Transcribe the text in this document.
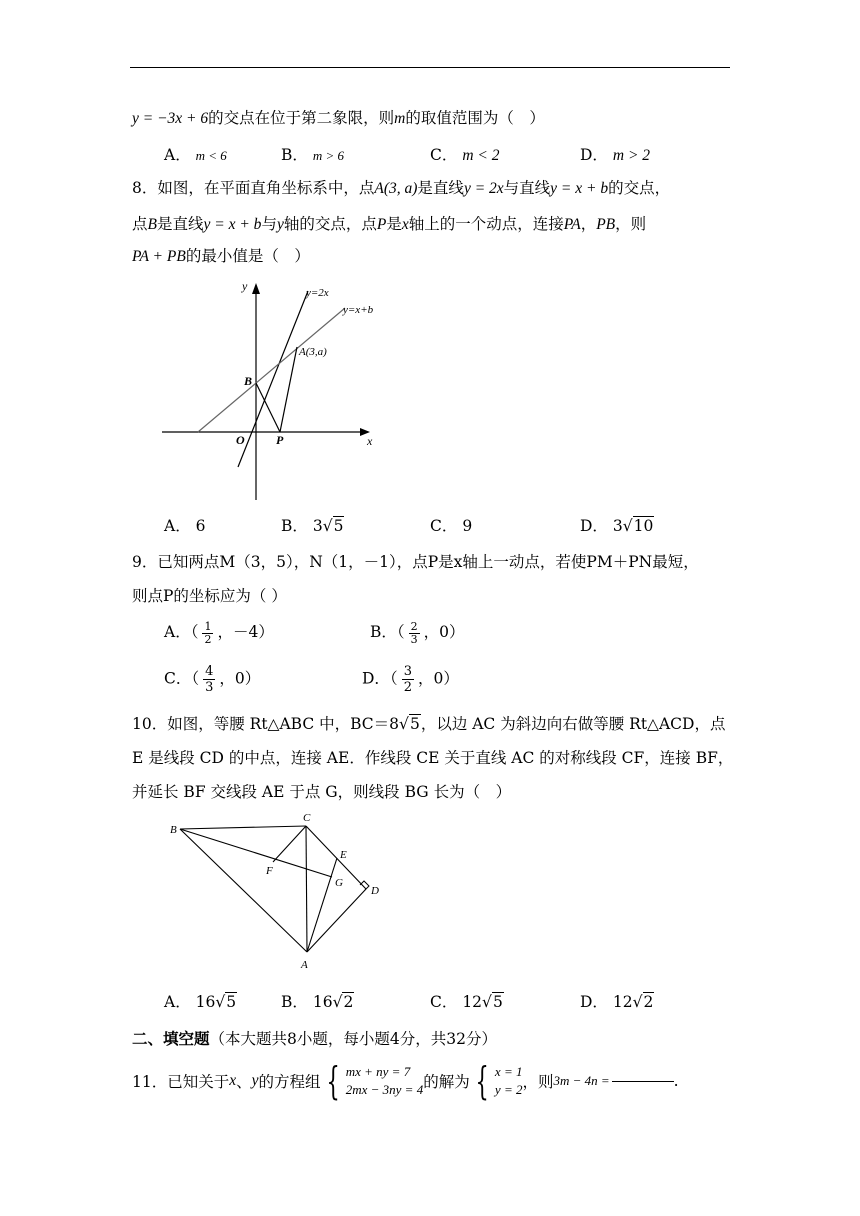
y = −3x + 6的交点在位于第二象限，则m的取值范围为（　）
A． m < 6	B． m > 6	C． m < 2	D． m > 2
8．如图，在平面直角坐标系中，点A(3, a)是直线y = 2x与直线y = x + b的交点，
点B是直线y = x + b与y轴的交点，点P是x轴上的一个动点，连接PA，PB，则
PA + PB的最小值是（　）
y
x
O	P
B
A(3,a)
y=2x
y=x+b
A． 6	B． 3√5	C． 9	D． 3√10
9．已知两点M（3，5），N（1，－1），点P是x轴上一动点，若使PM＋PN最短，
则点P的坐标应为（ ）
A．（ $\frac{1}{2}$ ，－4）	B．（ $\frac{2}{3}$ ，0）
C．（ $\frac{4}{3}$ ，0）	D．（ $\frac{3}{2}$ ，0）
10．如图，等腰 Rt△ABC 中，BC＝8√5，以边 AC 为斜边向右做等腰 Rt△ACD，点
E 是线段 CD 的中点，连接 AE．作线段 CE 关于直线 AC 的对称线段 CF，连接 BF，
并延长 BF 交线段 AE 于点 G，则线段 BG 长为（　）
B
C
E
F
G
D
A
A． 16√5	B． 16√2	C． 12√5	D． 12√2
二、填空题（本大题共8小题，每小题4分，共32分）
11．已知关于 x 、 y 的方程组 { mx + ny = 7
2mx − 3ny = 4 的解为 { x = 1
y = 2 ，则 3m − 4n =	.
